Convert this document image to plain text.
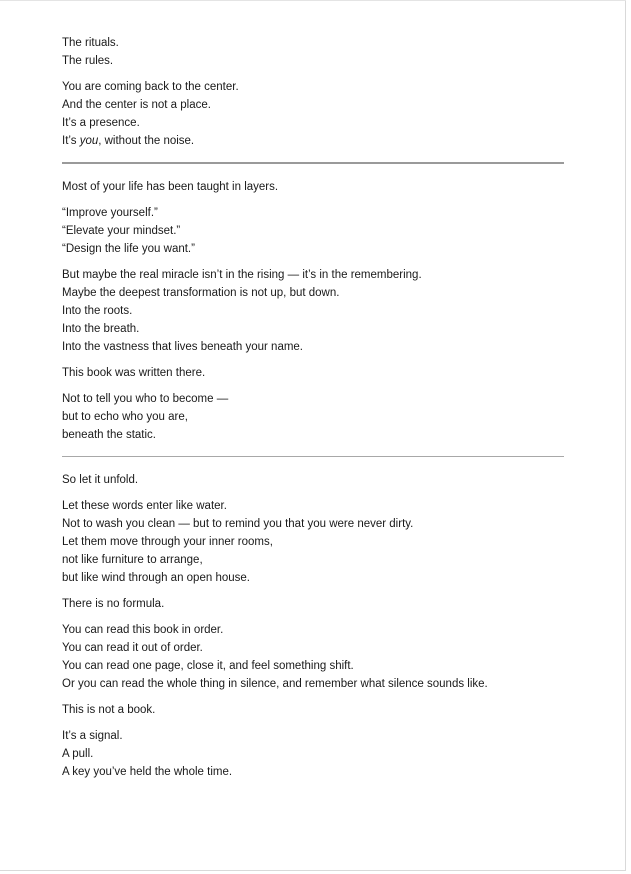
The rituals.
The rules.
You are coming back to the center.
And the center is not a place.
It’s a presence.
It’s you, without the noise.
Most of your life has been taught in layers.
“Improve yourself.”
“Elevate your mindset.”
“Design the life you want.”
But maybe the real miracle isn’t in the rising — it’s in the remembering.
Maybe the deepest transformation is not up, but down.
Into the roots.
Into the breath.
Into the vastness that lives beneath your name.
This book was written there.
Not to tell you who to become —
but to echo who you are,
beneath the static.
So let it unfold.
Let these words enter like water.
Not to wash you clean — but to remind you that you were never dirty.
Let them move through your inner rooms,
not like furniture to arrange,
but like wind through an open house.
There is no formula.
You can read this book in order.
You can read it out of order.
You can read one page, close it, and feel something shift.
Or you can read the whole thing in silence, and remember what silence sounds like.
This is not a book.
It’s a signal.
A pull.
A key you’ve held the whole time.
